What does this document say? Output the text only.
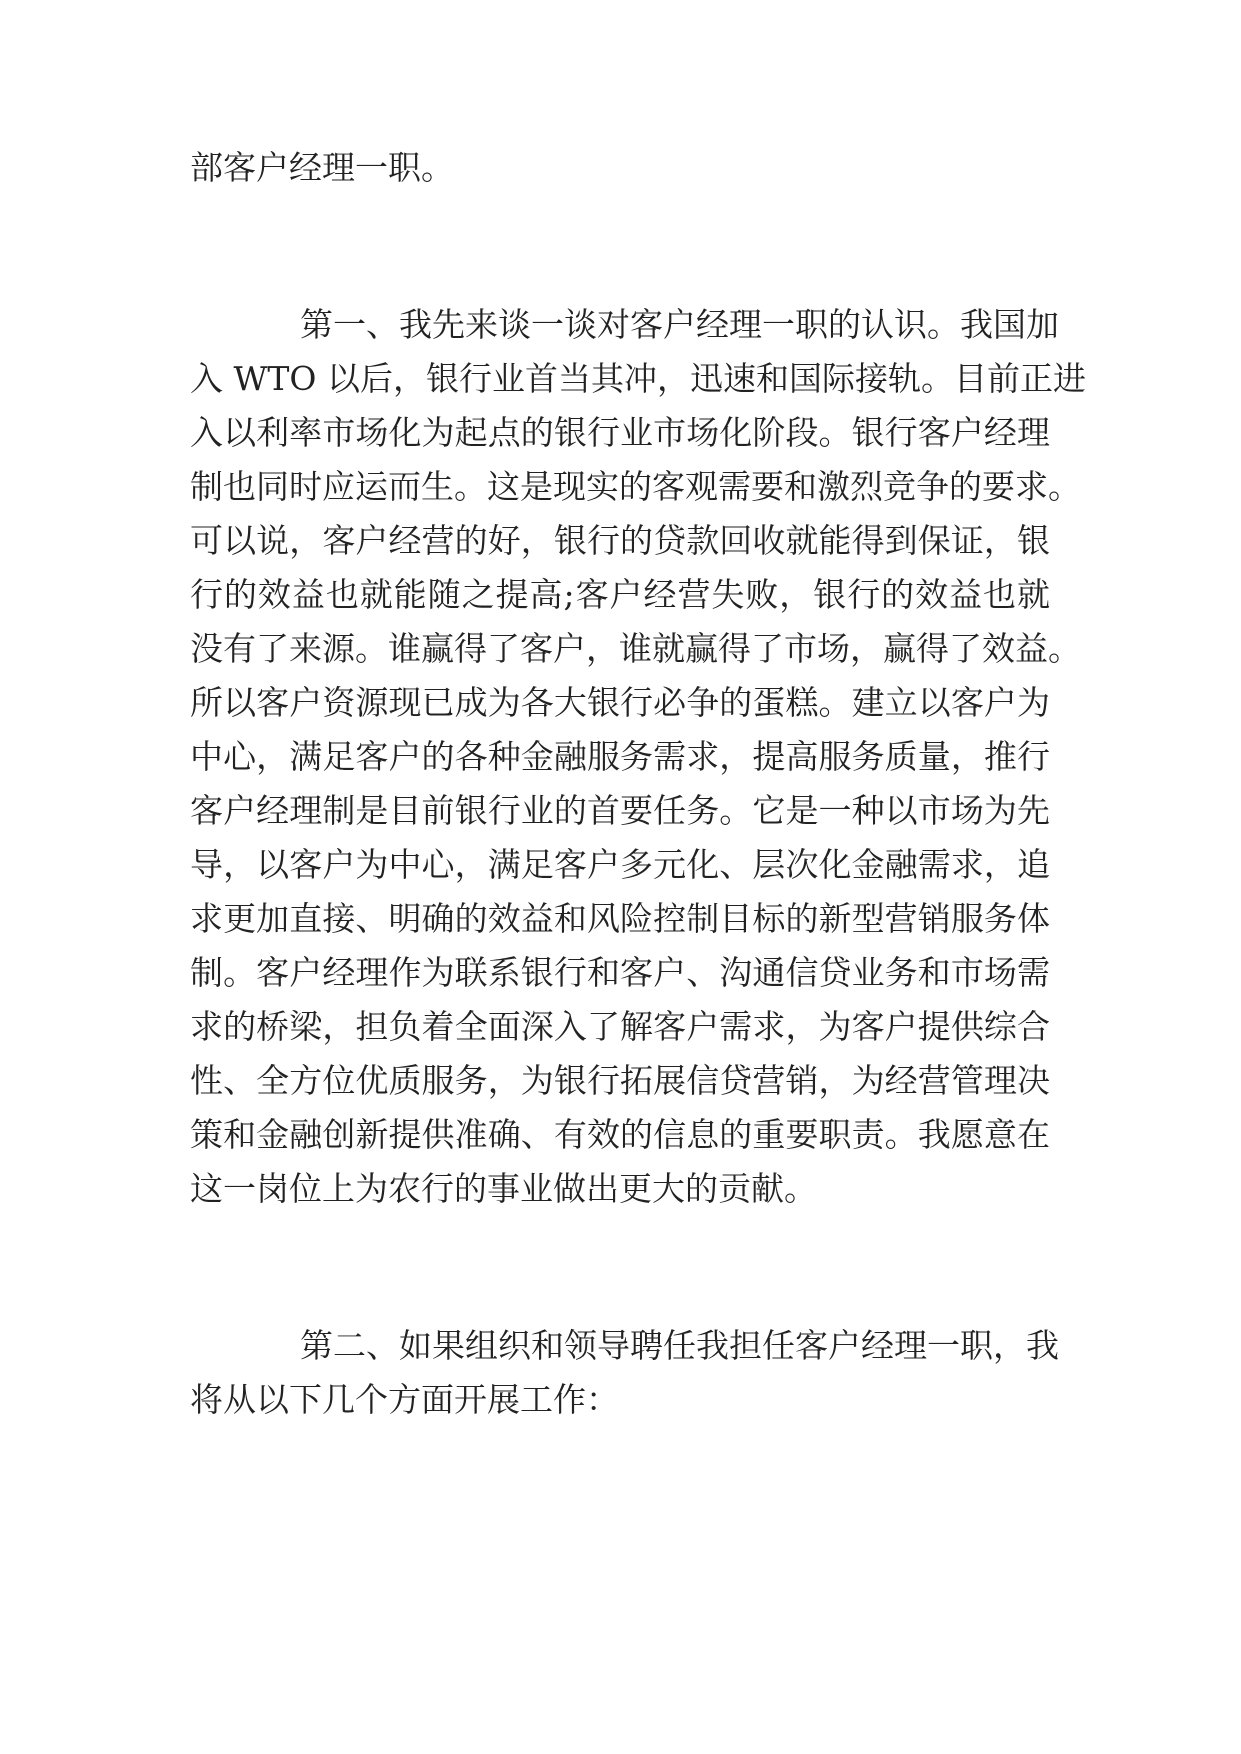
部客户经理一职。
第一、我先来谈一谈对客户经理一职的认识。我国加
入 WTO 以后，银行业首当其冲，迅速和国际接轨。目前正进
入以利率市场化为起点的银行业市场化阶段。银行客户经理
制也同时应运而生。这是现实的客观需要和激烈竞争的要求。
可以说，客户经营的好，银行的贷款回收就能得到保证，银
行的效益也就能随之提高;客户经营失败，银行的效益也就
没有了来源。谁赢得了客户，谁就赢得了市场，赢得了效益。
所以客户资源现已成为各大银行必争的蛋糕。建立以客户为
中心，满足客户的各种金融服务需求，提高服务质量，推行
客户经理制是目前银行业的首要任务。它是一种以市场为先
导，以客户为中心，满足客户多元化、层次化金融需求，追
求更加直接、明确的效益和风险控制目标的新型营销服务体
制。客户经理作为联系银行和客户、沟通信贷业务和市场需
求的桥梁，担负着全面深入了解客户需求，为客户提供综合
性、全方位优质服务，为银行拓展信贷营销，为经营管理决
策和金融创新提供准确、有效的信息的重要职责。我愿意在
这一岗位上为农行的事业做出更大的贡献。
第二、如果组织和领导聘任我担任客户经理一职，我
将从以下几个方面开展工作：
